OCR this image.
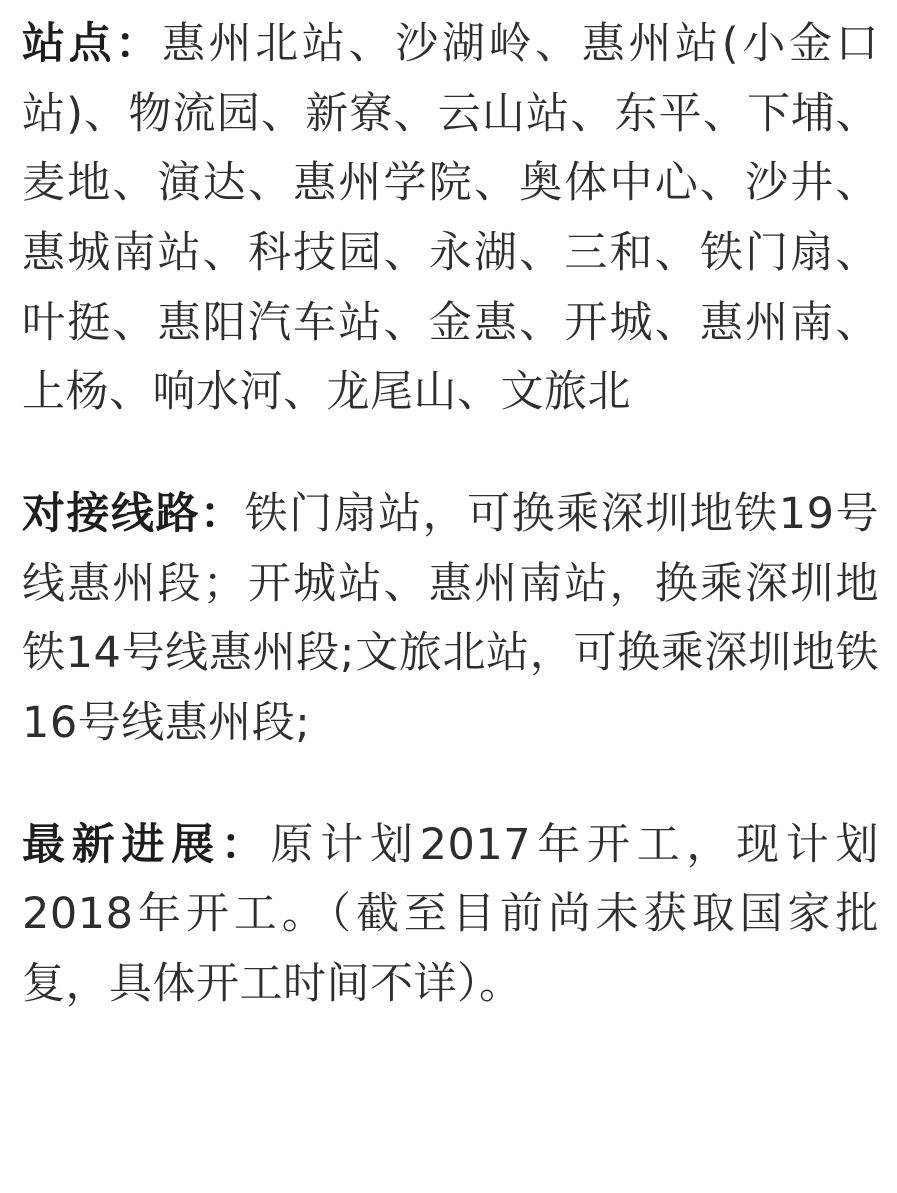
站点：惠州北站、沙湖岭、惠州站(小金口站)、物流园、新寮、云山站、东平、下埔、麦地、演达、惠州学院、奥体中心、沙井、惠城南站、科技园、永湖、三和、铁门扇、叶挺、惠阳汽车站、金惠、开城、惠州南、上杨、响水河、龙尾山、文旅北

对接线路：铁门扇站，可换乘深圳地铁19号线惠州段；开城站、惠州南站，换乘深圳地铁14号线惠州段;文旅北站，可换乘深圳地铁16号线惠州段;

最新进展：原计划2017年开工，现计划2018年开工。（截至目前尚未获取国家批复，具体开工时间不详）。
